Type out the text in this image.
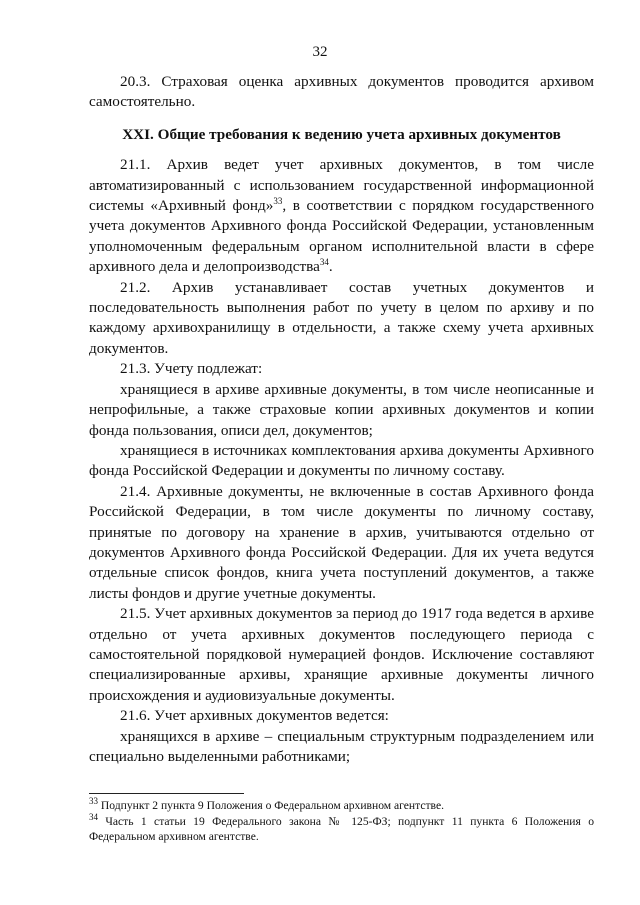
32

20.3. Страховая оценка архивных документов проводится архивом самостоятельно.

XXI. Общие требования к ведению учета архивных документов

21.1. Архив ведет учет архивных документов, в том числе автоматизированный с использованием государственной информационной системы «Архивный фонд»$^{33}$, в соответствии с порядком государственного учета документов Архивного фонда Российской Федерации, установленным уполномоченным федеральным органом исполнительной власти в сфере архивного дела и делопроизводства$^{34}$.

21.2. Архив устанавливает состав учетных документов и последовательность выполнения работ по учету в целом по архиву и по каждому архивохранилищу в отдельности, а также схему учета архивных документов.

21.3. Учету подлежат:

хранящиеся в архиве архивные документы, в том числе неописанные и непрофильные, а также страховые копии архивных документов и копии фонда пользования, описи дел, документов;

хранящиеся в источниках комплектования архива документы Архивного фонда Российской Федерации и документы по личному составу.

21.4. Архивные документы, не включенные в состав Архивного фонда Российской Федерации, в том числе документы по личному составу, принятые по договору на хранение в архив, учитываются отдельно от документов Архивного фонда Российской Федерации. Для их учета ведутся отдельные список фондов, книга учета поступлений документов, а также листы фондов и другие учетные документы.

21.5. Учет архивных документов за период до 1917 года ведется в архиве отдельно от учета архивных документов последующего периода с самостоятельной порядковой нумерацией фондов. Исключение составляют специализированные архивы, хранящие архивные документы личного происхождения и аудиовизуальные документы.

21.6. Учет архивных документов ведется:

хранящихся в архиве – специальным структурным подразделением или специально выделенными работниками;

$^{33}$ Подпункт 2 пункта 9 Положения о Федеральном архивном агентстве.

$^{34}$ Часть 1 статьи 19 Федерального закона № 125-ФЗ; подпункт 11 пункта 6 Положения о Федеральном архивном агентстве.
